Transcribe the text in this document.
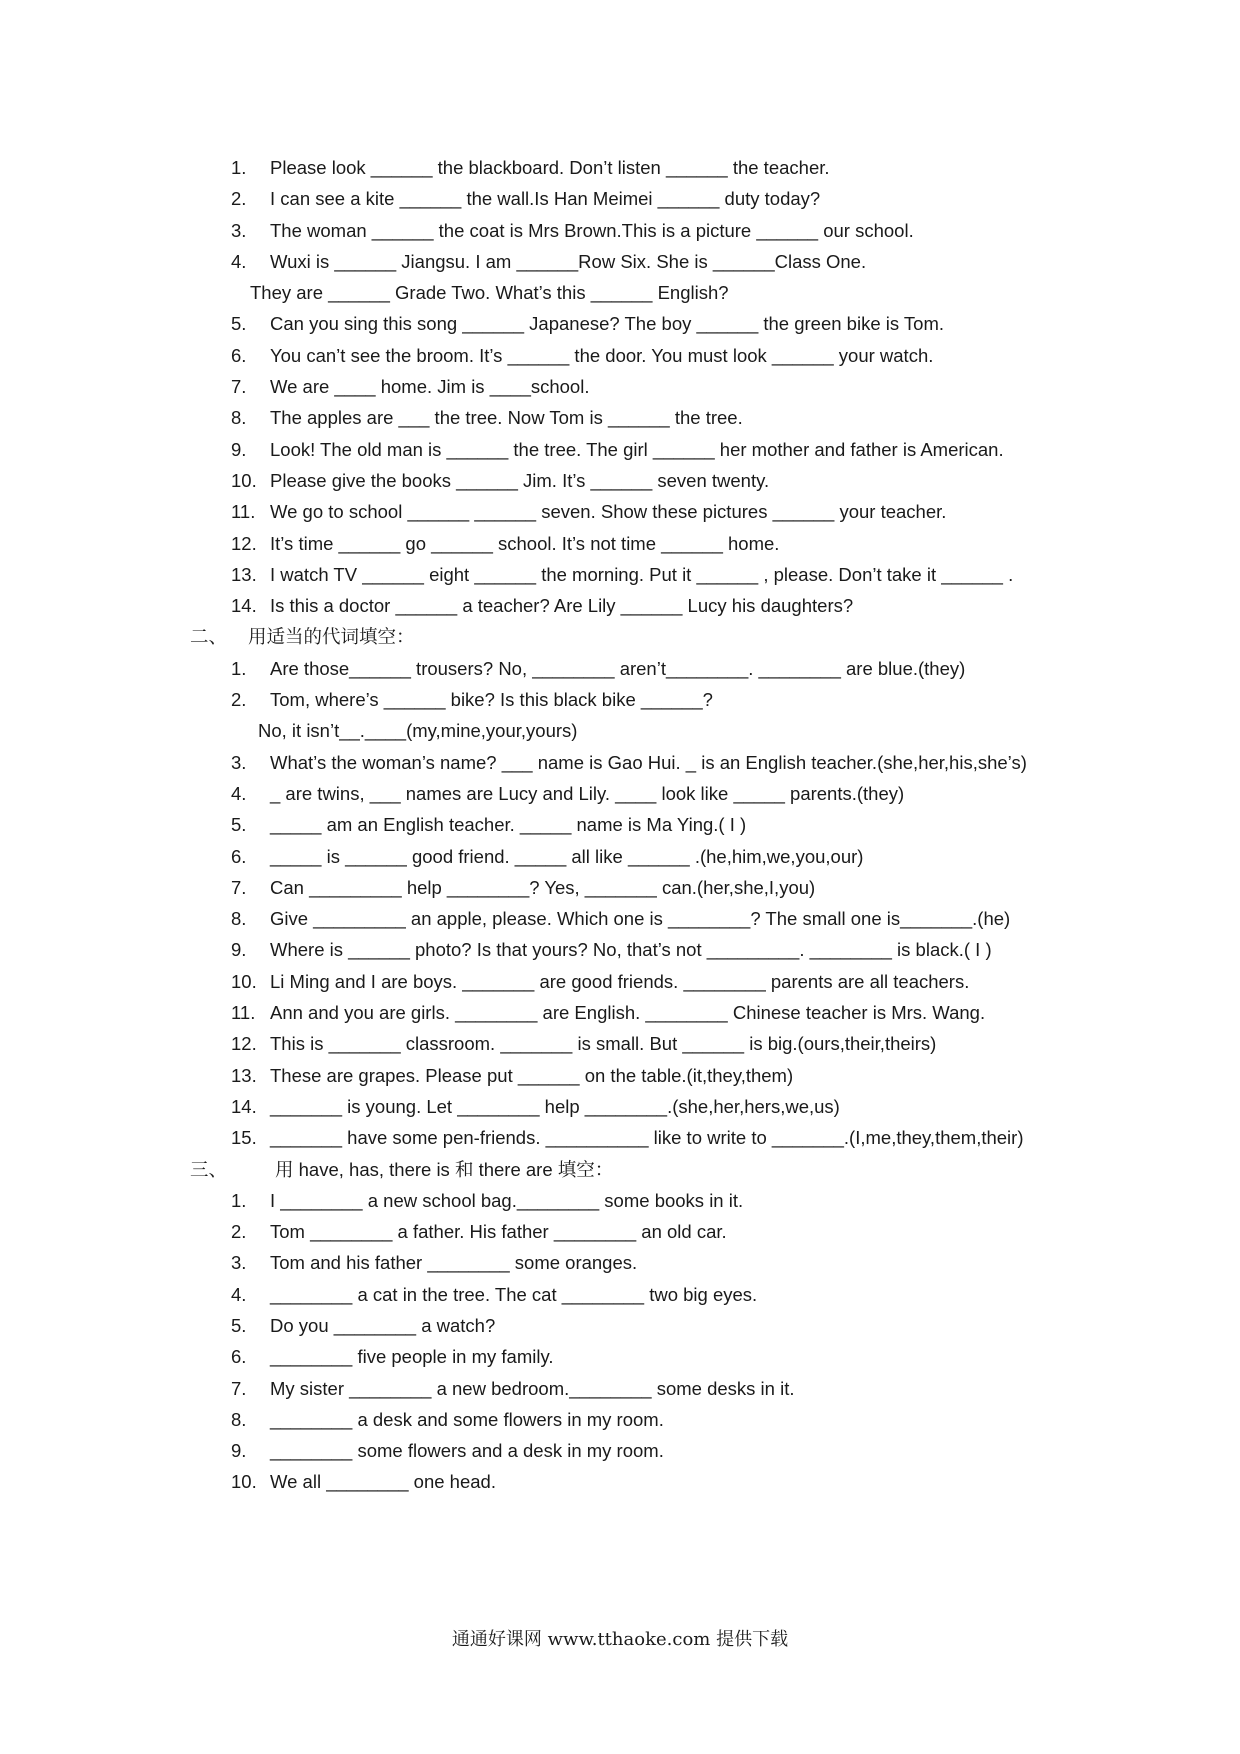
1. Please look ______ the blackboard. Don’t listen ______ the teacher.
2. I can see a kite ______ the wall.Is Han Meimei ______ duty today?
3. The woman ______ the coat is Mrs Brown.This is a picture ______ our school.
4. Wuxi is ______ Jiangsu. I am ______Row Six. She is ______Class One.
They are ______ Grade Two. What’s this ______ English?
5. Can you sing this song ______ Japanese? The boy ______ the green bike is Tom.
6. You can’t see the broom. It’s ______ the door. You must look ______ your watch.
7. We are ____ home. Jim is ____school.
8. The apples are ___ the tree. Now Tom is ______ the tree.
9. Look! The old man is ______ the tree. The girl ______ her mother and father is American.
10. Please give the books ______ Jim. It’s ______ seven twenty.
11. We go to school ______ ______ seven. Show these pictures ______ your teacher.
12. It’s time ______ go ______ school. It’s not time ______ home.
13. I watch TV ______ eight ______ the morning. Put it ______ , please. Don’t take it ______ .
14. Is this a doctor ______ a teacher? Are Lily ______ Lucy his daughters?
二、 用适当的代词填空：
1. Are those______ trousers? No, ________ aren’t________. ________ are blue.(they)
2. Tom, where’s ______ bike? Is this black bike ______?
No, it isn’t__.____(my,mine,your,yours)
3. What’s the woman’s name? ___ name is Gao Hui. _ is an English teacher.(she,her,his,she’s)
4. _ are twins, ___ names are Lucy and Lily. ____ look like _____ parents.(they)
5. _____ am an English teacher. _____ name is Ma Ying.( I )
6. _____ is ______ good friend. _____ all like ______ .(he,him,we,you,our)
7. Can _________ help ________? Yes, _______ can.(her,she,I,you)
8. Give _________ an apple, please. Which one is ________? The small one is_______.(he)
9. Where is ______ photo? Is that yours? No, that’s not _________. ________ is black.( I )
10. Li Ming and I are boys. _______ are good friends. ________ parents are all teachers.
11. Ann and you are girls. ________ are English. ________ Chinese teacher is Mrs. Wang.
12. This is _______ classroom. _______ is small. But ______ is big.(ours,their,theirs)
13. These are grapes. Please put ______ on the table.(it,they,them)
14. _______ is young. Let ________ help ________.(she,her,hers,we,us)
15. _______ have some pen-friends. __________ like to write to _______.(I,me,they,them,their)
三、	用 have, has, there is 和 there are 填空：
1. I ________ a new school bag.________ some books in it.
2. Tom ________ a father. His father ________ an old car.
3. Tom and his father ________ some oranges.
4. ________ a cat in the tree. The cat ________ two big eyes.
5. Do you ________ a watch?
6. ________ five people in my family.
7. My sister ________ a new bedroom.________ some desks in it.
8. ________ a desk and some flowers in my room.
9. ________ some flowers and a desk in my room.
10. We all ________ one head.
通通好课网 www.tthaoke.com 提供下载
